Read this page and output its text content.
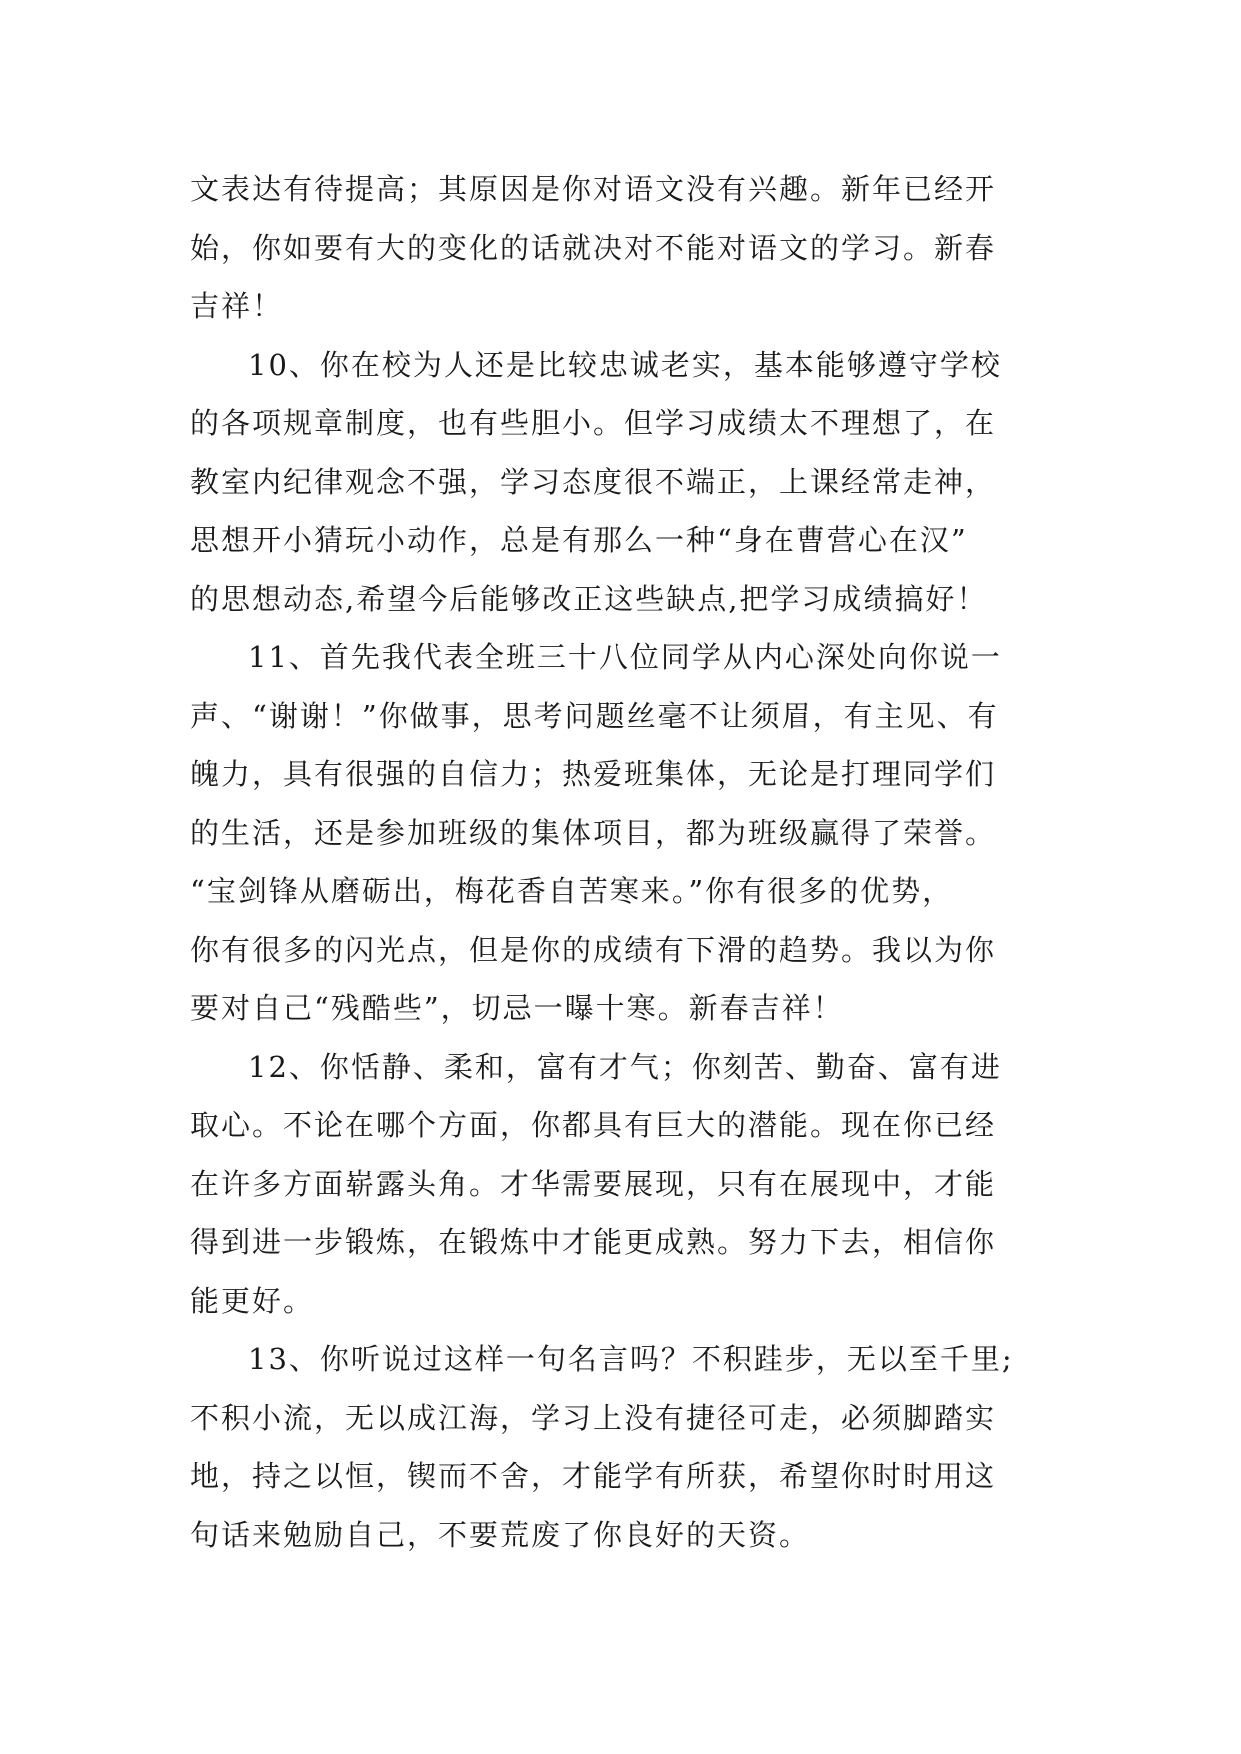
文表达有待提高；其原因是你对语文没有兴趣。新年已经开
始，你如要有大的变化的话就决对不能对语文的学习。新春
吉祥！
10、你在校为人还是比较忠诚老实，基本能够遵守学校
的各项规章制度，也有些胆小。但学习成绩太不理想了，在
教室内纪律观念不强，学习态度很不端正，上课经常走神，
思想开小猜玩小动作，总是有那么一种“身在曹营心在汉”
的思想动态,希望今后能够改正这些缺点,把学习成绩搞好！
11、首先我代表全班三十八位同学从内心深处向你说一
声、“谢谢！”你做事，思考问题丝毫不让须眉，有主见、有
魄力，具有很强的自信力；热爱班集体，无论是打理同学们
的生活，还是参加班级的集体项目，都为班级赢得了荣誉。
“宝剑锋从磨砺出，梅花香自苦寒来。”你有很多的优势，
你有很多的闪光点，但是你的成绩有下滑的趋势。我以为你
要对自己“残酷些”，切忌一曝十寒。新春吉祥！
12、你恬静、柔和，富有才气；你刻苦、勤奋、富有进
取心。不论在哪个方面，你都具有巨大的潜能。现在你已经
在许多方面崭露头角。才华需要展现，只有在展现中，才能
得到进一步锻炼，在锻炼中才能更成熟。努力下去，相信你
能更好。
13、你听说过这样一句名言吗？不积跬步，无以至千里;
不积小流，无以成江海，学习上没有捷径可走，必须脚踏实
地，持之以恒，锲而不舍，才能学有所获，希望你时时用这
句话来勉励自己，不要荒废了你良好的天资。
